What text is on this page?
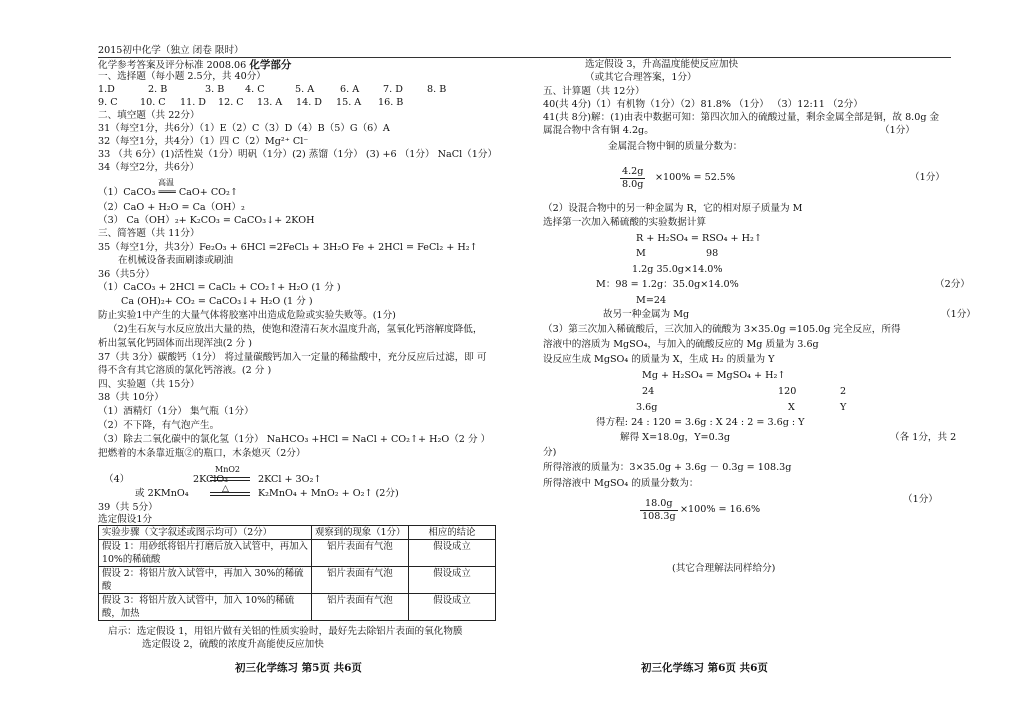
2015初中化学（独立 闭卷 限时）
化学参考答案及评分标准 2008.06 化学部分
一、选择题（每小题 2.5分，共 40分）
1.D	2. B	3. B 4. C	5. A	6. A 7. D	8. B
9. C 10. C 11. D 12. C 13. A 14. D 15. A 16. B
二、填空题（共 22分）
31（每空1分，共6分）（1）E（2）C（3）D（4）B（5）G（6）A
32（每空1分，共4分）（1）四 C（2）Mg²⁺ Cl⁻
33 （共 6分）(1)活性炭（1分）明矾（1分）(2) 蒸馏（1分） (3) +6 （1分） NaCl（1分）
34（每空2分，共6分）
高温
（1）CaCO₃ ═══ CaO+ CO₂↑
（2）CaO + H₂O = Ca（OH）₂
（3） Ca（OH）₂+ K₂CO₃ = CaCO₃↓+ 2KOH
三、简答题（共 11分）
35（每空1分，共3分）Fe₂O₃ + 6HCl =2FeCl₃ + 3H₂O Fe + 2HCl = FeCl₂ + H₂↑
在机械设备表面刷漆或刷油
36（共5分）
（1）CaCO₃ + 2HCl = CaCl₂ + CO₂↑+ H₂O (1 分 )
Ca (OH)₂+ CO₂ = CaCO₃↓+ H₂O (1 分 )
防止实验1中产生的大量气体将胶塞冲出造成危险或实验失败等。(1分)
（2)生石灰与水反应放出大量的热，使饱和澄清石灰水温度升高，氢氧化钙溶解度降低，
析出氢氧化钙固体而出现浑浊(2 分 )
37（共 3分）碳酸钙（1分） 将过量碳酸钙加入一定量的稀盐酸中，充分反应后过滤，即 可
得不含有其它溶质的氯化钙溶液。(2 分 )
四、实验题（共 15分）
38（共 10分）
（1）酒精灯（1分） 集气瓶（1分）
（2）不下降，有气泡产生。
（3）除去二氧化碳中的氯化氢（1分） NaHCO₃ +HCl = NaCl + CO₂↑+ H₂O（2 分 ）
把燃着的木条靠近瓶②的瓶口，木条熄灭（2分）
（4）	2KClO₃
MnO2
2KCl + 3O₂↑
或 2KMnO₄	△	K₂MnO₄ + MnO₂ + O₂↑ (2分)
39（共 5分）
选定假设1分
实验步骤（文字叙述或图示均可）（2分）	观察到的现象（1分）	相应的结论
假设 1：用砂纸将铝片打磨后放入试管中，再加入 10%的稀硫酸	铝片表面有气泡	假设成立
假设 2：将铝片放入试管中，再加入 30%的稀硫酸	铝片表面有气泡	假设成立
假设 3：将铝片放入试管中，加入 10%的稀硫酸，加热	铝片表面有气泡	假设成立
启示：选定假设 1，用铝片做有关铝的性质实验时，最好先去除铝片表面的氧化物膜
选定假设 2，硫酸的浓度升高能使反应加快
初三化学练习 第5页 共6页
选定假设 3，升高温度能使反应加快
（或其它合理答案，1分）
五、计算题（共 12分）
40(共 4分)（1）有机物（1分）（2）81.8% （1分） （3）12:11 （2分）
41(共 8分)解：(1)由表中数据可知：第四次加入的硫酸过量，剩余金属全部是铜，故 8.0g 金
属混合物中含有铜 4.2g。	（1分）
金属混合物中铜的质量分数为：
$\frac{4.2g}{8.0g} \times 100\% = 52.5\%$	（1分）
（2）设混合物中的另一种金属为 R，它的相对原子质量为 M
选择第一次加入稀硫酸的实验数据计算
R + H₂SO₄ = RSO₄ + H₂↑
M	98
1.2g 35.0g×14.0%
M：98 = 1.2g：35.0g×14.0%	（2分）
M=24
故另一种金属为 Mg	（1分）
（3）第三次加入稀硫酸后，三次加入的硫酸为 3×35.0g =105.0g 完全反应，所得
溶液中的溶质为 MgSO₄，与加入的硫酸反应的 Mg 质量为 3.6g
设反应生成 MgSO₄ 的质量为 X，生成 H₂ 的质量为 Y
Mg + H₂SO₄ = MgSO₄ + H₂↑
24	120	2
3.6g	X	Y
得方程: 24 : 120 = 3.6g : X 24 : 2 = 3.6g : Y
解得 X=18.0g，Y=0.3g	（各 1分，共 2
分)
所得溶液的质量为：3×35.0g + 3.6g － 0.3g = 108.3g
所得溶液中 MgSO₄ 的质量分数为：
$\frac{18.0g}{108.3g} \times 100\% = 16.6\%$
（1分）
(其它合理解法同样给分)
初三化学练习 第6页 共6页
